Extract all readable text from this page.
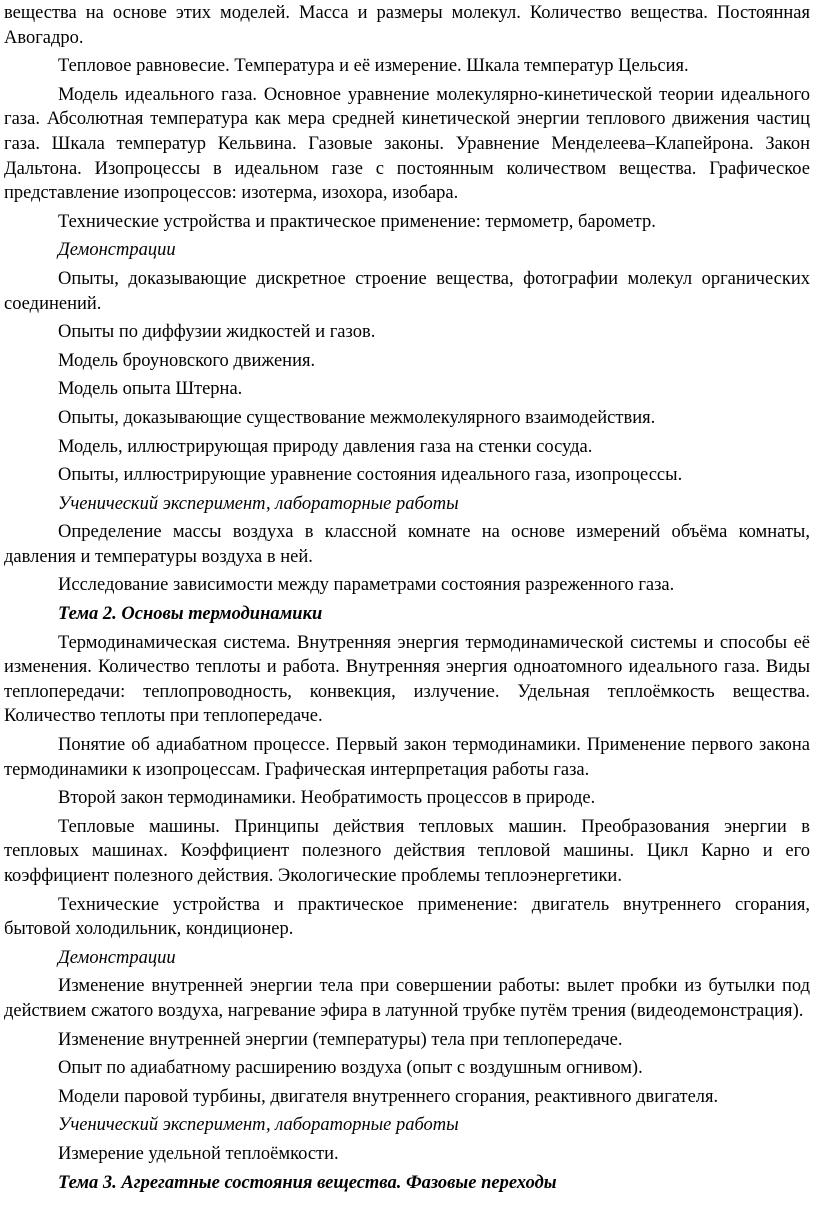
вещества на основе этих моделей. Масса и размеры молекул. Количество вещества. Постоянная Авогадро.

Тепловое равновесие. Температура и её измерение. Шкала температур Цельсия.

Модель идеального газа. Основное уравнение молекулярно-кинетической теории идеального газа. Абсолютная температура как мера средней кинетической энергии теплового движения частиц газа. Шкала температур Кельвина. Газовые законы. Уравнение Менделеева–Клапейрона. Закон Дальтона. Изопроцессы в идеальном газе с постоянным количеством вещества. Графическое представление изопроцессов: изотерма, изохора, изобара.

Технические устройства и практическое применение: термометр, барометр.

Демонстрации

Опыты, доказывающие дискретное строение вещества, фотографии молекул органических соединений.

Опыты по диффузии жидкостей и газов.

Модель броуновского движения.

Модель опыта Штерна.

Опыты, доказывающие существование межмолекулярного взаимодействия.

Модель, иллюстрирующая природу давления газа на стенки сосуда.

Опыты, иллюстрирующие уравнение состояния идеального газа, изопроцессы.

Ученический эксперимент, лабораторные работы

Определение массы воздуха в классной комнате на основе измерений объёма комнаты, давления и температуры воздуха в ней.

Исследование зависимости между параметрами состояния разреженного газа.

Тема 2. Основы термодинамики

Термодинамическая система. Внутренняя энергия термодинамической системы и способы её изменения. Количество теплоты и работа. Внутренняя энергия одноатомного идеального газа. Виды теплопередачи: теплопроводность, конвекция, излучение. Удельная теплоёмкость вещества. Количество теплоты при теплопередаче.

Понятие об адиабатном процессе. Первый закон термодинамики. Применение первого закона термодинамики к изопроцессам. Графическая интерпретация работы газа.

Второй закон термодинамики. Необратимость процессов в природе.

Тепловые машины. Принципы действия тепловых машин. Преобразования энергии в тепловых машинах. Коэффициент полезного действия тепловой машины. Цикл Карно и его коэффициент полезного действия. Экологические проблемы теплоэнергетики.

Технические устройства и практическое применение: двигатель внутреннего сгорания, бытовой холодильник, кондиционер.

Демонстрации

Изменение внутренней энергии тела при совершении работы: вылет пробки из бутылки под действием сжатого воздуха, нагревание эфира в латунной трубке путём трения (видеодемонстрация).

Изменение внутренней энергии (температуры) тела при теплопередаче.

Опыт по адиабатному расширению воздуха (опыт с воздушным огнивом).

Модели паровой турбины, двигателя внутреннего сгорания, реактивного двигателя.

Ученический эксперимент, лабораторные работы

Измерение удельной теплоёмкости.

Тема 3. Агрегатные состояния вещества. Фазовые переходы
